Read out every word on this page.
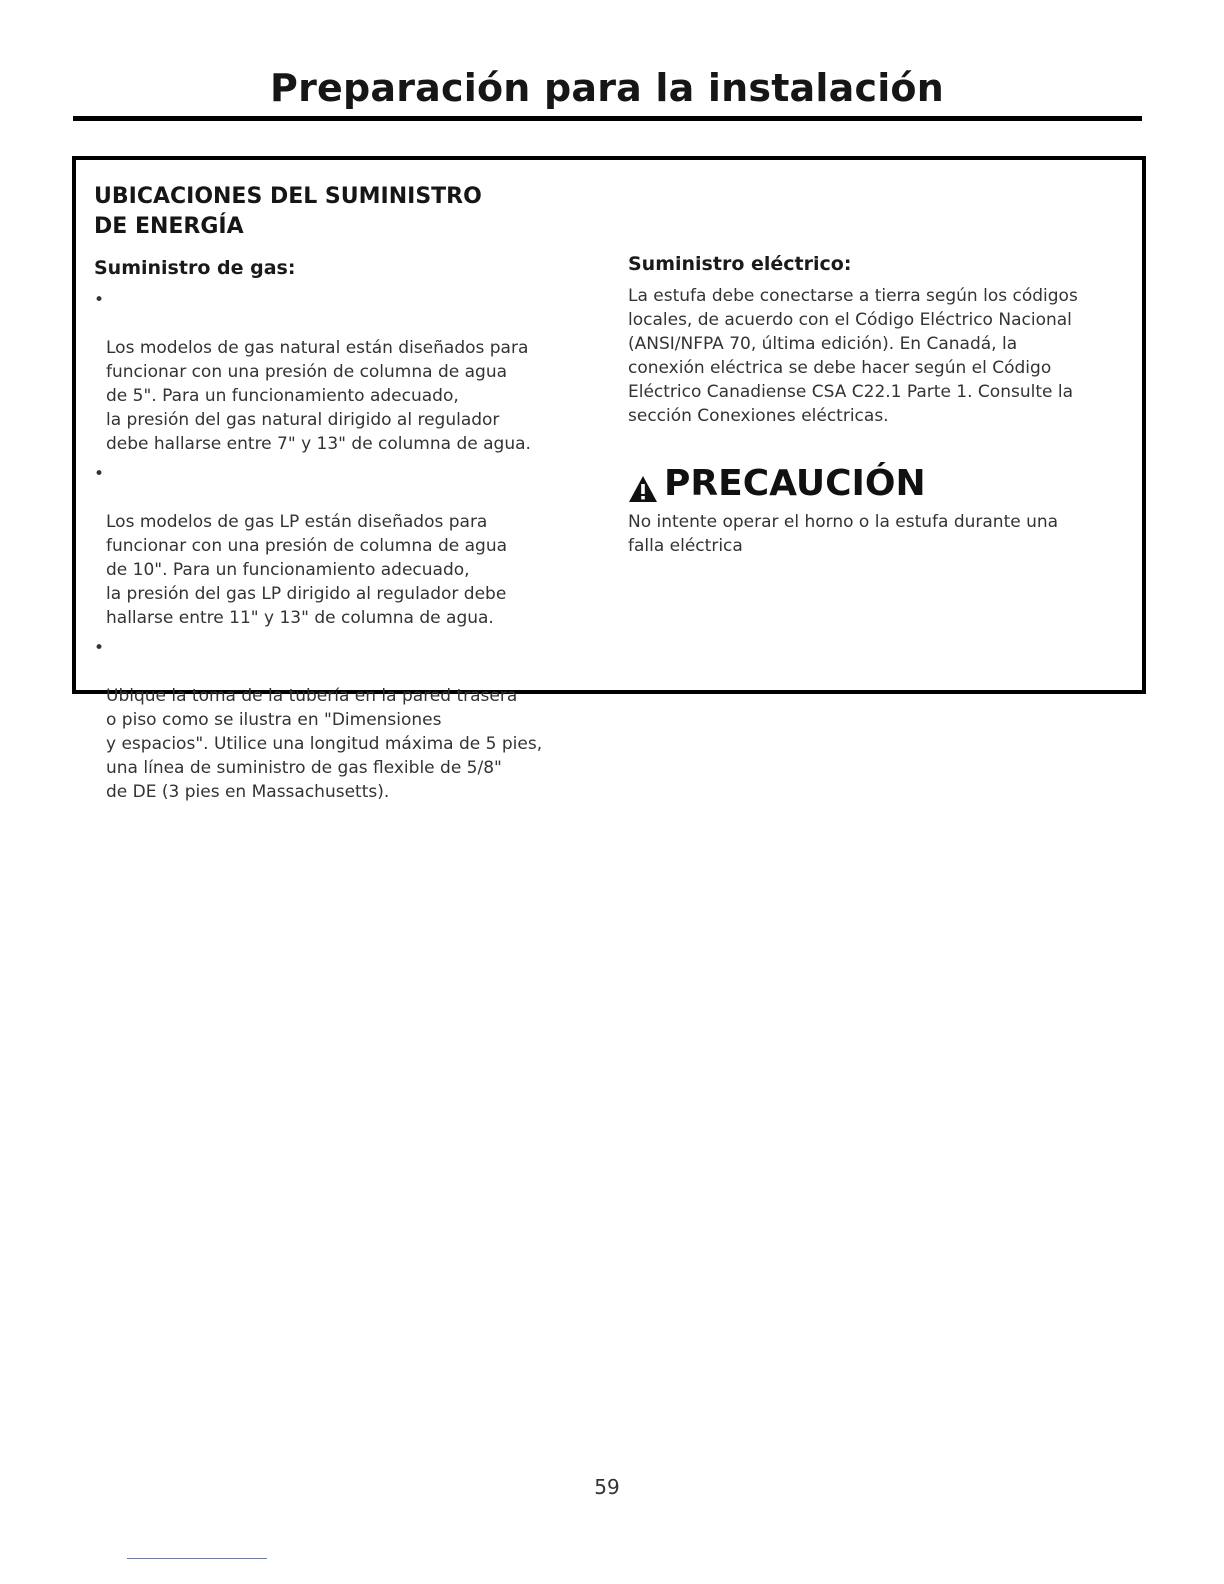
Preparación para la instalación
UBICACIONES DEL SUMINISTRO
DE ENERGÍA
Suministro de gas:

•

Los modelos de gas natural están diseñados para
funcionar con una presión de columna de agua
de 5". Para un funcionamiento adecuado,
la presión del gas natural dirigido al regulador
debe hallarse entre 7" y 13" de columna de agua.

•

Los modelos de gas LP están diseñados para
funcionar con una presión de columna de agua
de 10". Para un funcionamiento adecuado,
la presión del gas LP dirigido al regulador debe
hallarse entre 11" y 13" de columna de agua.

•

Ubique la toma de la tubería en la pared trasera
o piso como se ilustra en "Dimensiones
y espacios". Utilice una longitud máxima de 5 pies,
una línea de suministro de gas flexible de 5/8"
de DE (3 pies en Massachusetts).

Suministro eléctrico:

La estufa debe conectarse a tierra según los códigos
locales, de acuerdo con el Código Eléctrico Nacional
(ANSI/NFPA 70, última edición). En Canadá, la
conexión eléctrica se debe hacer según el Código
Eléctrico Canadiense CSA C22.1 Parte 1. Consulte la
sección Conexiones eléctricas.

PRECAUCIÓN

No intente operar el horno o la estufa durante una
falla eléctrica

59
